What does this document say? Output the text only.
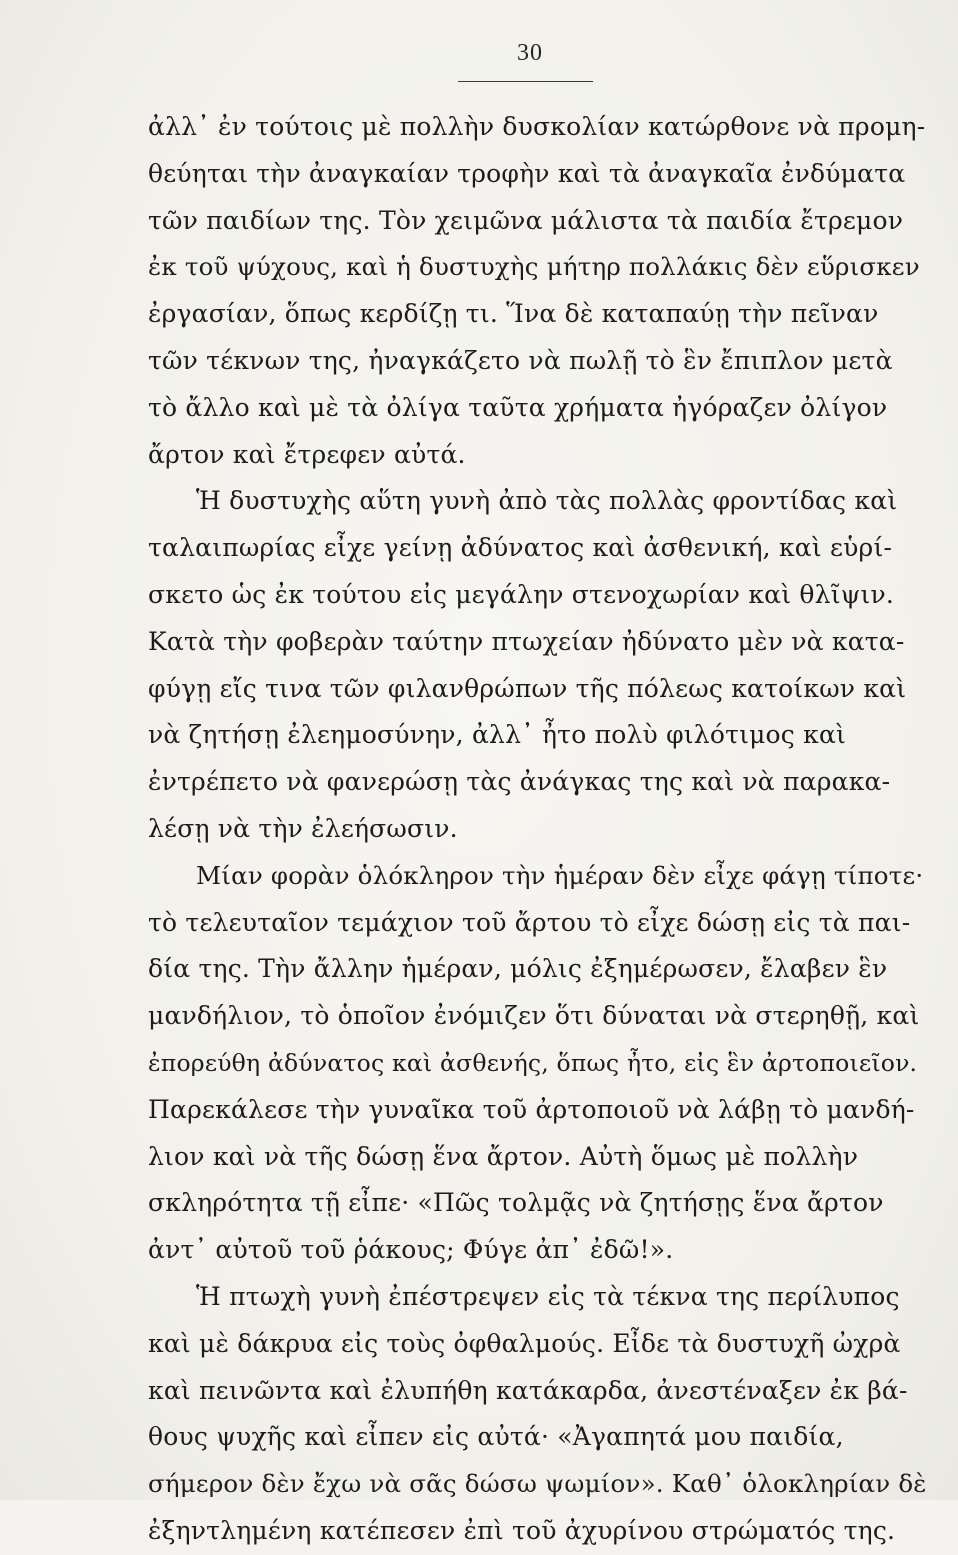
30
ἀλλ᾽ ἐν τούτοις μὲ πολλὴν δυσκολίαν κατώρθονε νὰ προμη-
θεύηται τὴν ἀναγκαίαν τροφὴν καὶ τὰ ἀναγκαῖα ἐνδύματα
τῶν παιδίων της. Τὸν χειμῶνα μάλιστα τὰ παιδία ἔτρεμον
ἐκ τοῦ ψύχους, καὶ ἡ δυστυχὴς μήτηρ πολλάκις δὲν εὕρισκεν
ἐργασίαν, ὅπως κερδίζῃ τι. Ἵνα δὲ καταπαύῃ τὴν πεῖναν
τῶν τέκνων της, ἠναγκάζετο νὰ πωλῇ τὸ ἓν ἔπιπλον μετὰ
τὸ ἄλλο καὶ μὲ τὰ ὀλίγα ταῦτα χρήματα ἠγόραζεν ὀλίγον
ἄρτον καὶ ἔτρεφεν αὐτά.
Ἡ δυστυχὴς αὕτη γυνὴ ἀπὸ τὰς πολλὰς φροντίδας καὶ
ταλαιπωρίας εἶχε γείνῃ ἀδύνατος καὶ ἀσθενική, καὶ εὑρί-
σκετο ὡς ἐκ τούτου εἰς μεγάλην στενοχωρίαν καὶ θλῖψιν.
Κατὰ τὴν φοβερὰν ταύτην πτωχείαν ἠδύνατο μὲν νὰ κατα-
φύγῃ εἴς τινα τῶν φιλανθρώπων τῆς πόλεως κατοίκων καὶ
νὰ ζητήσῃ ἐλεημοσύνην, ἀλλ᾽ ἦτο πολὺ φιλότιμος καὶ
ἐντρέπετο νὰ φανερώσῃ τὰς ἀνάγκας της καὶ νὰ παρακα-
λέσῃ νὰ τὴν ἐλεήσωσιν.
Μίαν φορὰν ὁλόκληρον τὴν ἡμέραν δὲν εἶχε φάγῃ τίποτε·
τὸ τελευταῖον τεμάχιον τοῦ ἄρτου τὸ εἶχε δώσῃ εἰς τὰ παι-
δία της. Τὴν ἄλλην ἡμέραν, μόλις ἐξημέρωσεν, ἔλαβεν ἓν
μανδήλιον, τὸ ὁποῖον ἐνόμιζεν ὅτι δύναται νὰ στερηθῇ, καὶ
ἐπορεύθη ἀδύνατος καὶ ἀσθενής, ὅπως ἦτο, εἰς ἓν ἀρτοποιεῖον.
Παρεκάλεσε τὴν γυναῖκα τοῦ ἀρτοποιοῦ νὰ λάβῃ τὸ μανδή-
λιον καὶ νὰ τῆς δώσῃ ἕνα ἄρτον. Αὐτὴ ὅμως μὲ πολλὴν
σκληρότητα τῇ εἶπε· «Πῶς τολμᾷς νὰ ζητήσῃς ἕνα ἄρτον
ἀντ᾽ αὐτοῦ τοῦ ῥάκους; Φύγε ἀπ᾽ ἐδῶ!».
Ἡ πτωχὴ γυνὴ ἐπέστρεψεν εἰς τὰ τέκνα της περίλυπος
καὶ μὲ δάκρυα εἰς τοὺς ὀφθαλμούς. Εἶδε τὰ δυστυχῆ ὠχρὰ
καὶ πεινῶντα καὶ ἐλυπήθη κατάκαρδα, ἀνεστέναξεν ἐκ βά-
θους ψυχῆς καὶ εἶπεν εἰς αὐτά· «Ἀγαπητά μου παιδία,
σήμερον δὲν ἔχω νὰ σᾶς δώσω ψωμίον». Καθ᾽ ὁλοκληρίαν δὲ
ἐξηντλημένη κατέπεσεν ἐπὶ τοῦ ἀχυρίνου στρώματός της.
